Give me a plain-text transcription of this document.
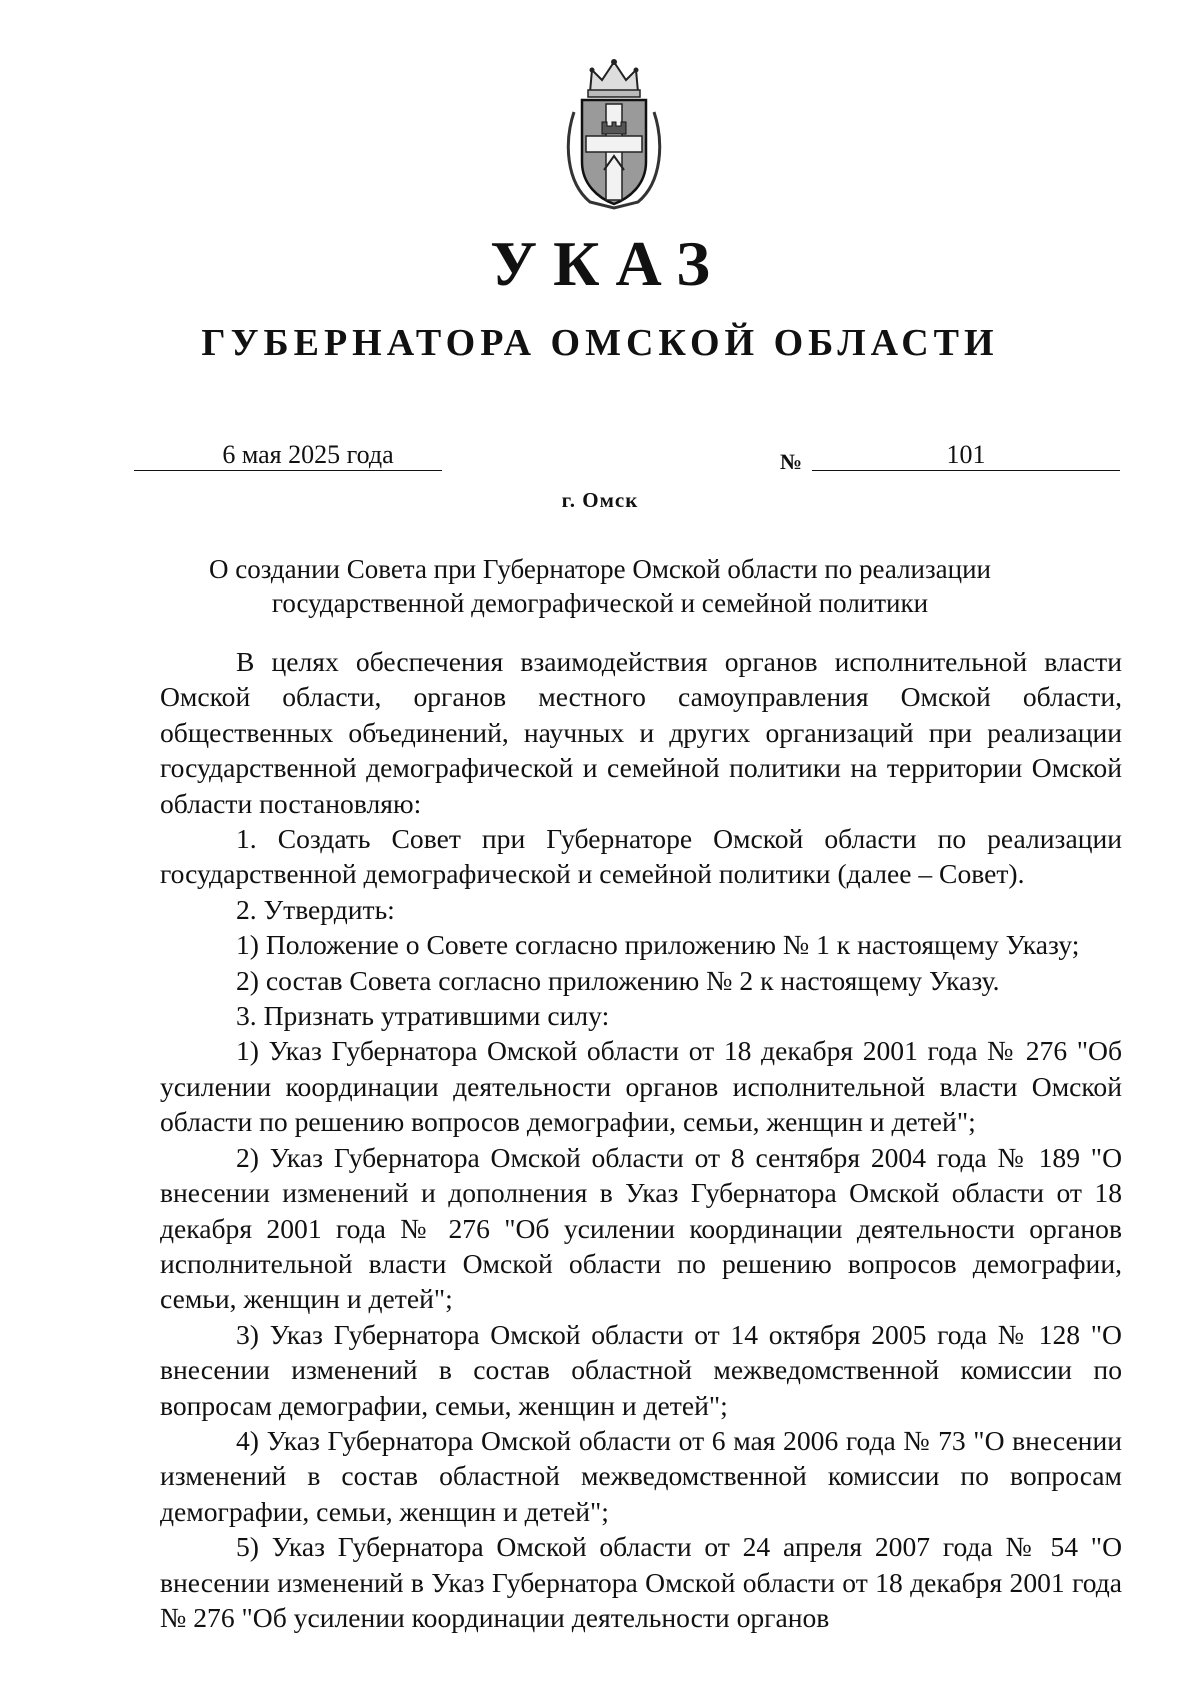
УКАЗ
ГУБЕРНАТОРА ОМСКОЙ ОБЛАСТИ
6 мая 2025 года	№	101
г. Омск
О создании Совета при Губернаторе Омской области по реализации государственной демографической и семейной политики

В целях обеспечения взаимодействия органов исполнительной власти Омской области, органов местного самоуправления Омской области, общественных объединений, научных и других организаций при реализации государственной демографической и семейной политики на территории Омской области постановляю:

1. Создать Совет при Губернаторе Омской области по реализации государственной демографической и семейной политики (далее – Совет).

2. Утвердить:

1) Положение о Совете согласно приложению № 1 к настоящему Указу;

2) состав Совета согласно приложению № 2 к настоящему Указу.

3. Признать утратившими силу:

1) Указ Губернатора Омской области от 18 декабря 2001 года № 276 "Об усилении координации деятельности органов исполнительной власти Омской области по решению вопросов демографии, семьи, женщин и детей";

2) Указ Губернатора Омской области от 8 сентября 2004 года № 189 "О внесении изменений и дополнения в Указ Губернатора Омской области от 18 декабря 2001 года № 276 "Об усилении координации деятельности органов исполнительной власти Омской области по решению вопросов демографии, семьи, женщин и детей";

3) Указ Губернатора Омской области от 14 октября 2005 года № 128 "О внесении изменений в состав областной межведомственной комиссии по вопросам демографии, семьи, женщин и детей";

4) Указ Губернатора Омской области от 6 мая 2006 года № 73 "О внесении изменений в состав областной межведомственной комиссии по вопросам демографии, семьи, женщин и детей";

5) Указ Губернатора Омской области от 24 апреля 2007 года № 54 "О внесении изменений в Указ Губернатора Омской области от 18 декабря 2001 года № 276 "Об усилении координации деятельности органов
